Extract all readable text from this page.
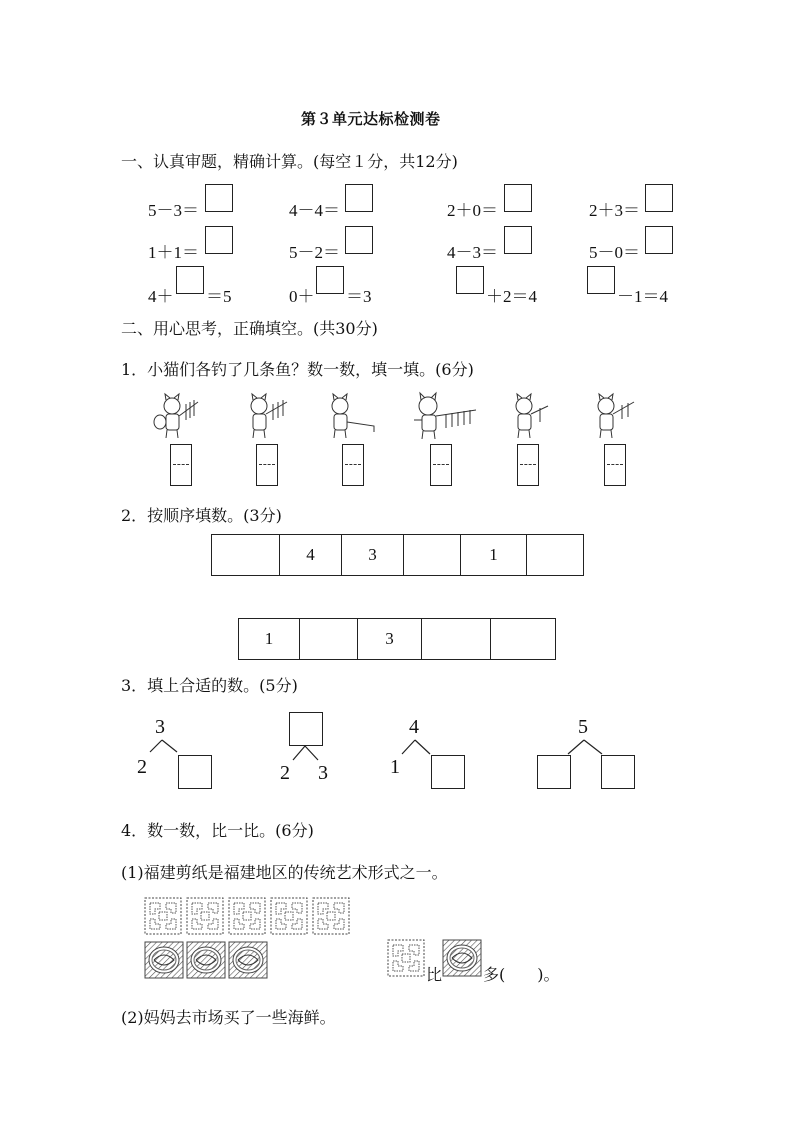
第３单元达标检测卷
一、认真审题，精确计算。(每空１分，共12分)
5－3＝	4－4＝	2＋0＝	2＋3＝
1＋1＝	5－2＝	4－3＝	5－0＝
4＋ ＝5	0＋ ＝3	＋2＝4	－1＝4
二、用心思考，正确填空。(共30分)
1．小猫们各钓了几条鱼？数一数，填一填。(6分)
2．按顺序填数。(3分)
4	3	1
1	3
3．填上合适的数。(5分)
3
2	2 3
4
1
5
4．数一数，比一比。(6分)
(1)福建剪纸是福建地区的传统艺术形式之一。
比	多(　　)。
(2)妈妈去市场买了一些海鲜。
